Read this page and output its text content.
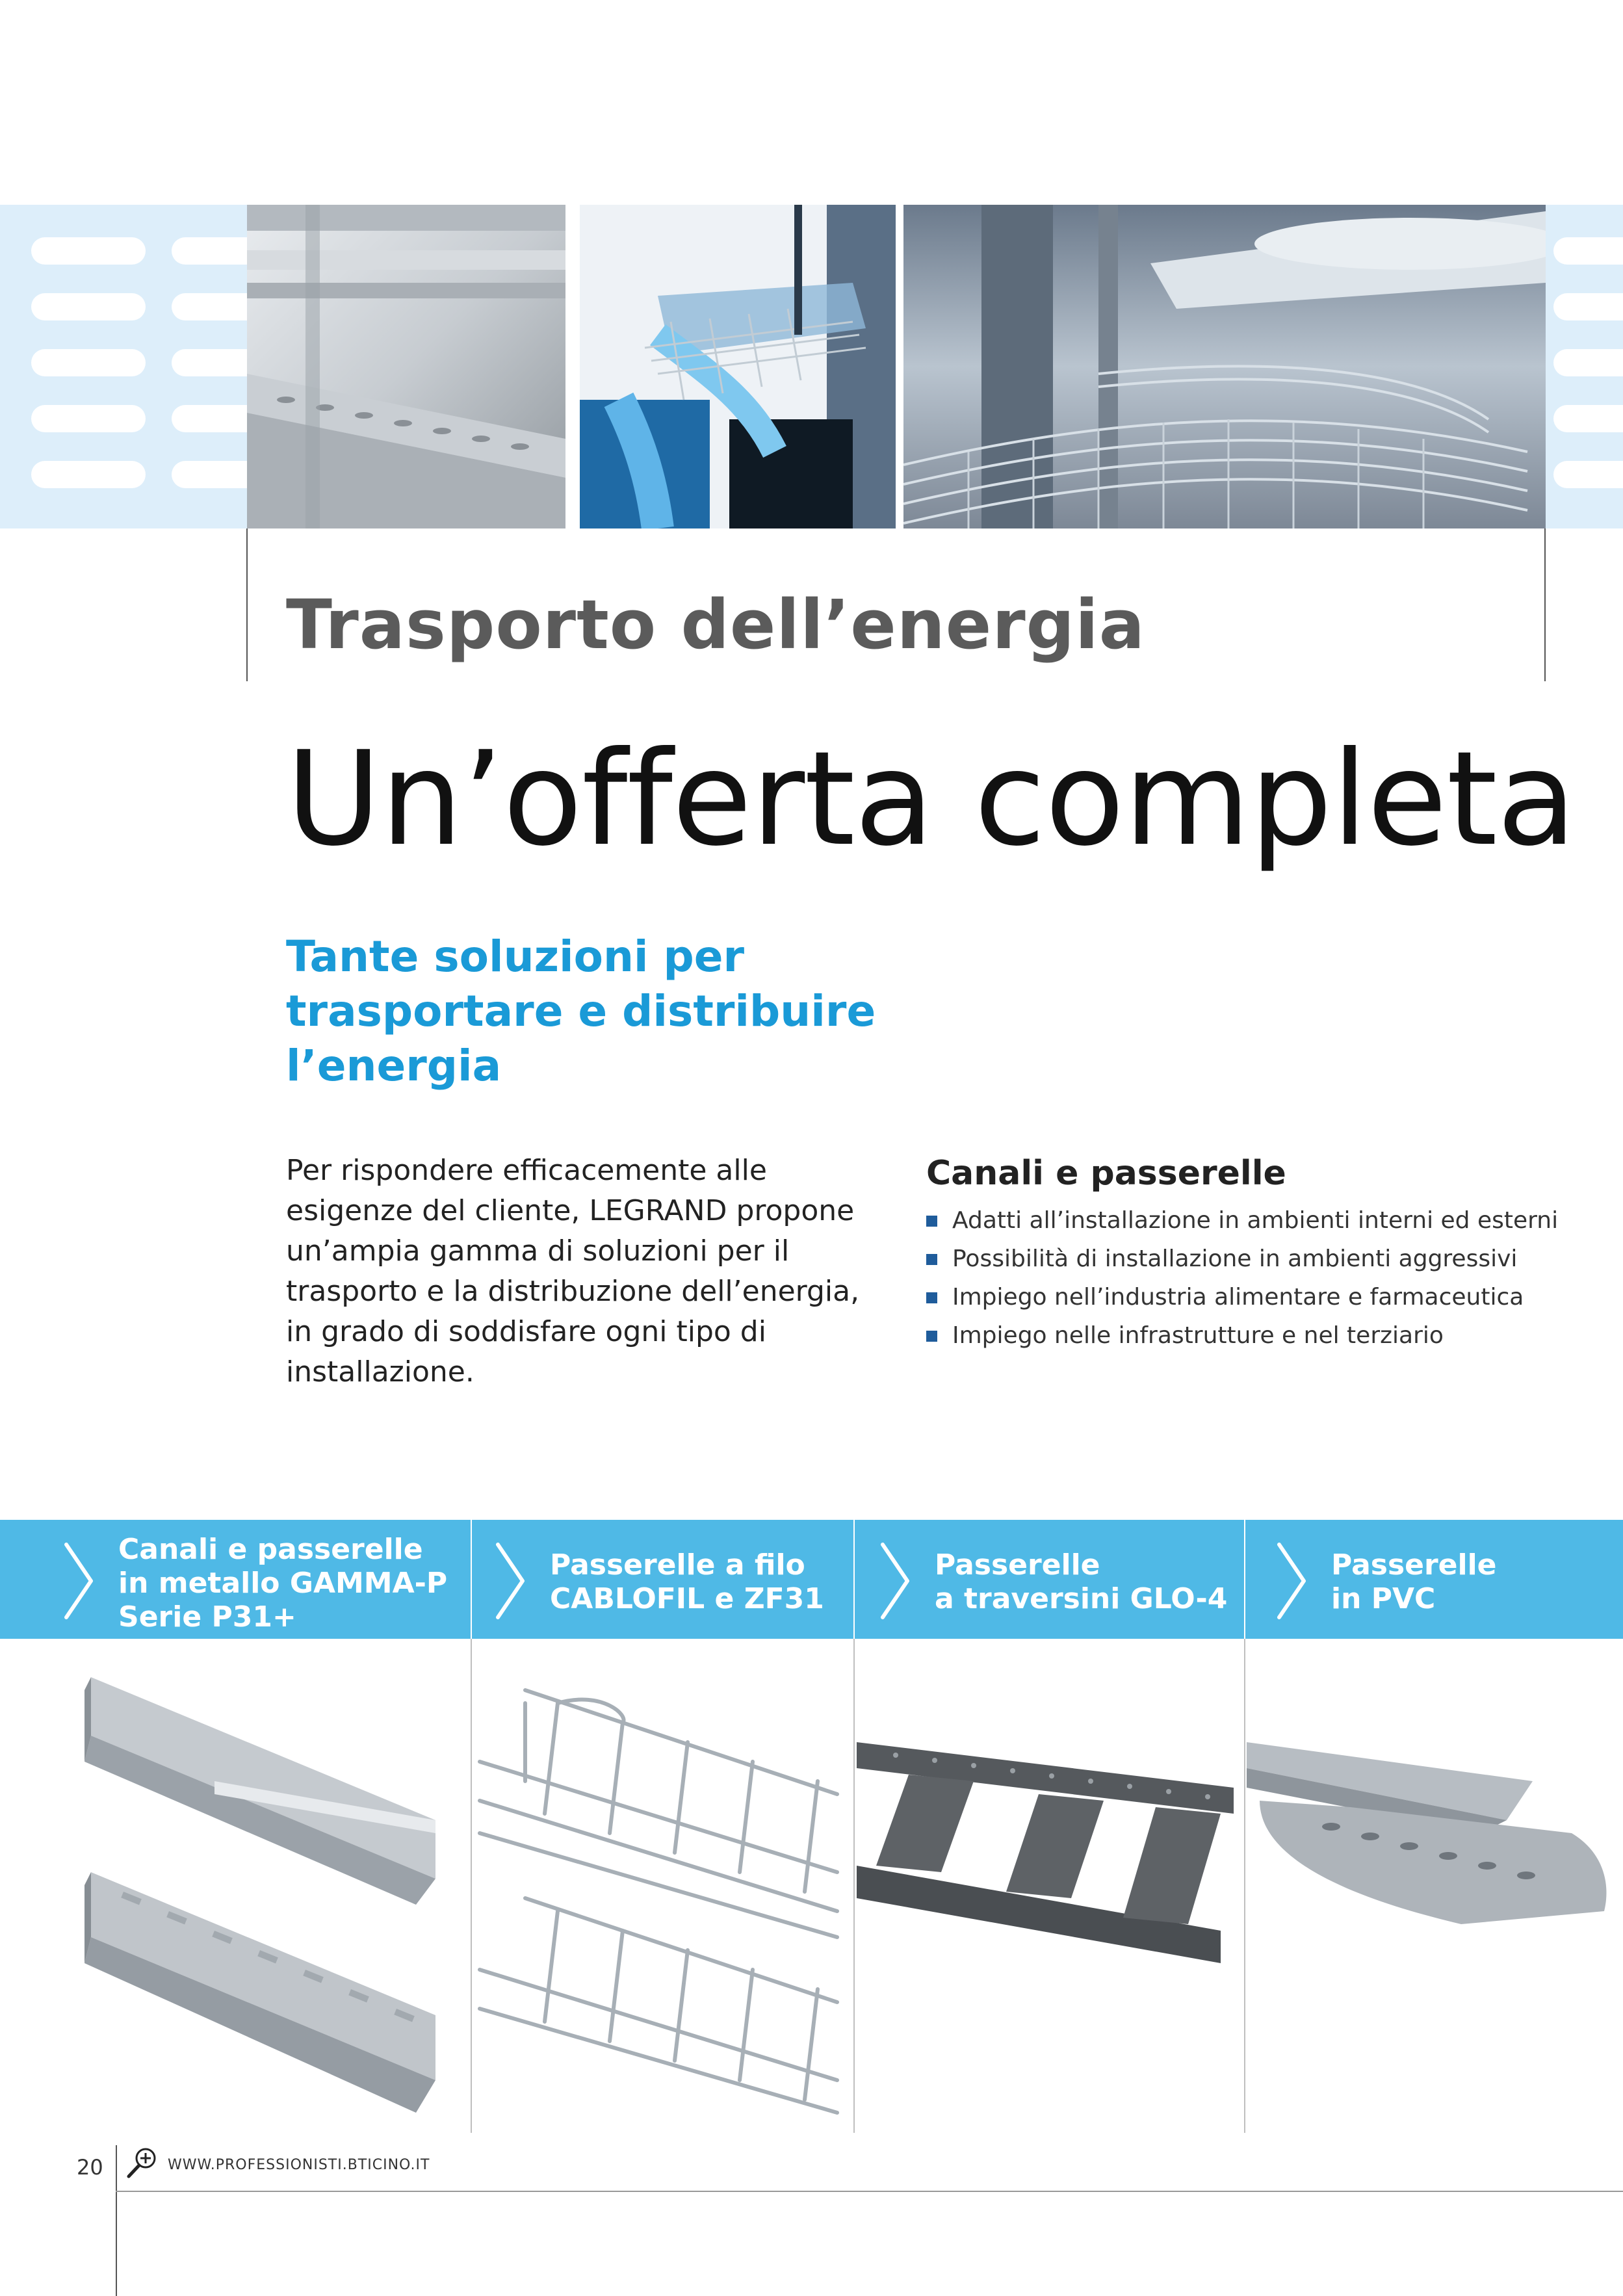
Trasporto dell’energia
Un’offerta completa
Tante soluzioni per
trasportare e distribuire
l’energia

Per rispondere efficacemente alle
esigenze del cliente, LEGRAND propone
un’ampia gamma di soluzioni per il
trasporto e la distribuzione dell’energia,
in grado di soddisfare ogni tipo di
installazione.

Canali e passerelle
Adatti all’installazione in ambienti interni ed esterni
Possibilità di installazione in ambienti aggressivi
Impiego nell’industria alimentare e farmaceutica
Impiego nelle infrastrutture e nel terziario
Canali e passerelle
in metallo GAMMA-P
Serie P31+
Passerelle a filo
CABLOFIL e ZF31
Passerelle
a traversini GLO-4
Passerelle
in PVC

20	WWW.PROFESSIONISTI.BTICINO.IT
